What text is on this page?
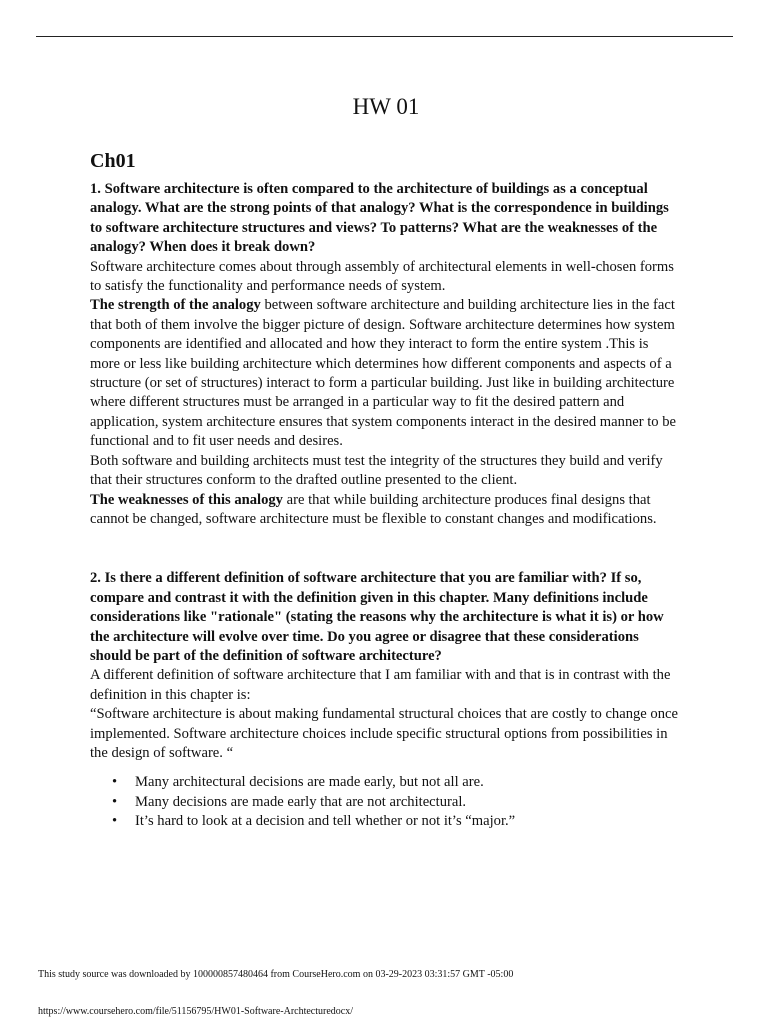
HW 01
Ch01

1. Software architecture is often compared to the architecture of buildings as a conceptual analogy. What are the strong points of that analogy? What is the correspondence in buildings to software architecture structures and views? To patterns? What are the weaknesses of the analogy? When does it break down?

Software architecture comes about through assembly of architectural elements in well-chosen forms to satisfy the functionality and performance needs of system.

The strength of the analogy between software architecture and building architecture lies in the fact that both of them involve the bigger picture of design. Software architecture determines how system components are identified and allocated and how they interact to form the entire system .This is more or less like building architecture which determines how different components and aspects of a structure (or set of structures) interact to form a particular building. Just like in building architecture where different structures must be arranged in a particular way to fit the desired pattern and application, system architecture ensures that system components interact in the desired manner to be functional and to fit user needs and desires.

Both software and building architects must test the integrity of the structures they build and verify that their structures conform to the drafted outline presented to the client.

The weaknesses of this analogy are that while building architecture produces final designs that cannot be changed, software architecture must be flexible to constant changes and modifications.

2. Is there a different definition of software architecture that you are familiar with? If so, compare and contrast it with the definition given in this chapter. Many definitions include considerations like "rationale" (stating the reasons why the architecture is what it is) or how the architecture will evolve over time. Do you agree or disagree that these considerations should be part of the definition of software architecture?

A different definition of software architecture that I am familiar with and that is in contrast with the definition in this chapter is:

“Software architecture is about making fundamental structural choices that are costly to change once implemented. Software architecture choices include specific structural options from possibilities in the design of software. “

• Many architectural decisions are made early, but not all are.
• Many decisions are made early that are not architectural.
• It’s hard to look at a decision and tell whether or not it’s “major.”
This study source was downloaded by 100000857480464 from CourseHero.com on 03-29-2023 03:31:57 GMT -05:00
https://www.coursehero.com/file/51156795/HW01-Software-Archtecturedocx/
